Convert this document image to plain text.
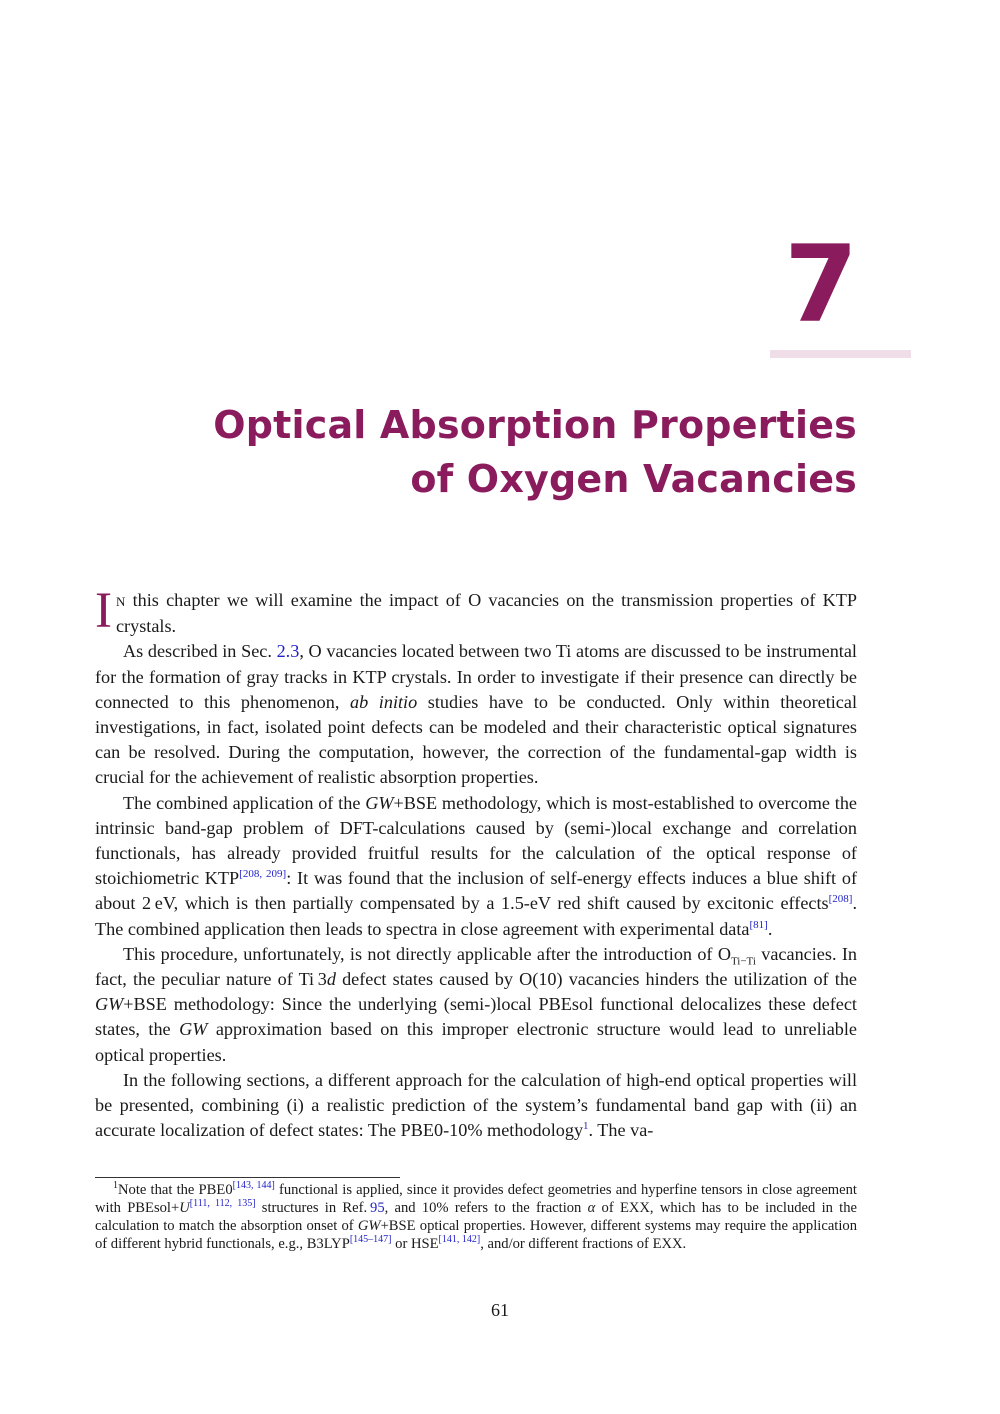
7
Optical Absorption Properties
of Oxygen Vacancies

I N this chapter we will examine the impact of O vacancies on the transmission properties of KTP crystals.

As described in Sec. 2.3, O vacancies located between two Ti atoms are discussed to be instrumental for the formation of gray tracks in KTP crystals. In order to investigate if their presence can directly be connected to this phenomenon, ab initio studies have to be conducted. Only within theoretical investigations, in fact, isolated point defects can be modeled and their characteristic optical signatures can be resolved. During the computation, however, the correction of the fundamental-gap width is crucial for the achievement of realistic absorption properties.

The combined application of the GW+BSE methodology, which is most-established to overcome the intrinsic band-gap problem of DFT-calculations caused by (semi-)local exchange and correlation functionals, has already provided fruitful results for the calculation of the optical response of stoichiometric KTP[208, 209]: It was found that the inclusion of self-energy effects induces a blue shift of about 2 eV, which is then partially compensated by a 1.5-eV red shift caused by excitonic effects[208]. The combined application then leads to spectra in close agreement with experimental data[81].

This procedure, unfortunately, is not directly applicable after the introduction of $O_{Ti-Ti}$ vacancies. In fact, the peculiar nature of Ti 3d defect states caused by O(10) vacancies hinders the utilization of the GW+BSE methodology: Since the underlying (semi-)local PBEsol functional delocalizes these defect states, the GW approximation based on this improper electronic structure would lead to unreliable optical properties.

In the following sections, a different approach for the calculation of high-end optical properties will be presented, combining (i) a realistic prediction of the system’s fundamental band gap with (ii) an accurate localization of defect states: The PBE0-10% methodology$^1$. The va-

$^1$Note that the PBE0[143, 144] functional is applied, since it provides defect geometries and hyperfine tensors in close agreement with PBEsol+U[111, 112, 135] structures in Ref. 95, and 10% refers to the fraction α of EXX, which has to be included in the calculation to match the absorption onset of GW+BSE optical properties. However, different systems may require the application of different hybrid functionals, e.g., B3LYP[145–147] or HSE[141, 142], and/or different fractions of EXX.

61
